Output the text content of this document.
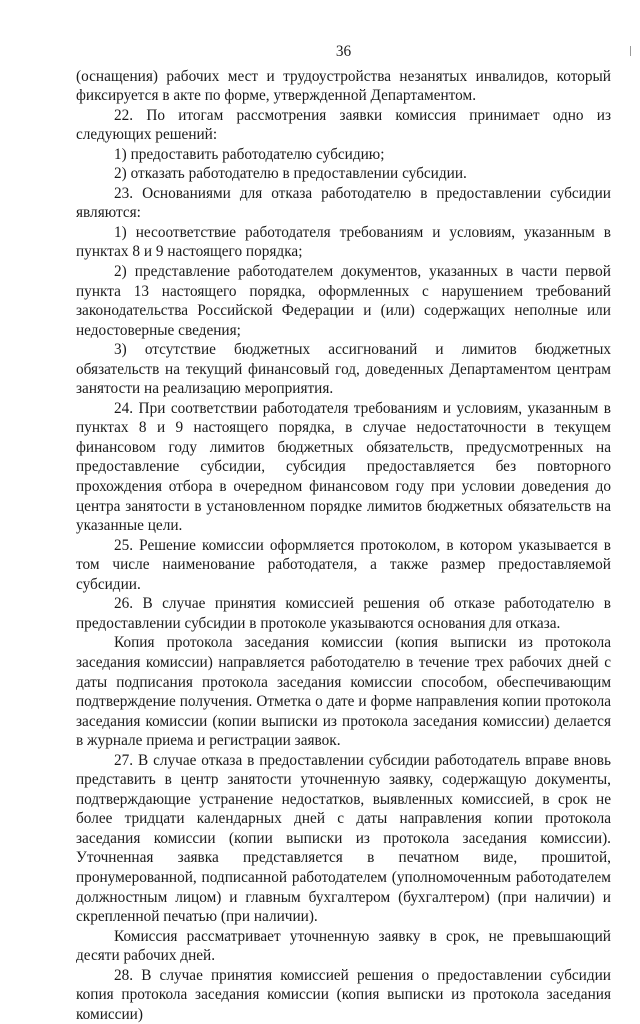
36

(оснащения) рабочих мест и трудоустройства незанятых инвалидов, который фиксируется в акте по форме, утвержденной Департаментом.

22. По итогам рассмотрения заявки комиссия принимает одно из следующих решений:

1) предоставить работодателю субсидию;

2) отказать работодателю в предоставлении субсидии.

23. Основаниями для отказа работодателю в предоставлении субсидии являются:

1) несоответствие работодателя требованиям и условиям, указанным в пунктах 8 и 9 настоящего порядка;

2) представление работодателем документов, указанных в части первой пункта 13 настоящего порядка, оформленных с нарушением требований законодательства Российской Федерации и (или) содержащих неполные или недостоверные сведения;

3) отсутствие бюджетных ассигнований и лимитов бюджетных обязательств на текущий финансовый год, доведенных Департаментом центрам занятости на реализацию мероприятия.

24. При соответствии работодателя требованиям и условиям, указанным в пунктах 8 и 9 настоящего порядка, в случае недостаточности в текущем финансовом году лимитов бюджетных обязательств, предусмотренных на предоставление субсидии, субсидия предоставляется без повторного прохождения отбора в очередном финансовом году при условии доведения до центра занятости в установленном порядке лимитов бюджетных обязательств на указанные цели.

25. Решение комиссии оформляется протоколом, в котором указывается в том числе наименование работодателя, а также размер предоставляемой субсидии.

26. В случае принятия комиссией решения об отказе работодателю в предоставлении субсидии в протоколе указываются основания для отказа.

Копия протокола заседания комиссии (копия выписки из протокола заседания комиссии) направляется работодателю в течение трех рабочих дней с даты подписания протокола заседания комиссии способом, обеспечивающим подтверждение получения. Отметка о дате и форме направления копии протокола заседания комиссии (копии выписки из протокола заседания комиссии) делается в журнале приема и регистрации заявок.

27. В случае отказа в предоставлении субсидии работодатель вправе вновь представить в центр занятости уточненную заявку, содержащую документы, подтверждающие устранение недостатков, выявленных комиссией, в срок не более тридцати календарных дней с даты направления копии протокола заседания комиссии (копии выписки из протокола заседания комиссии). Уточненная заявка представляется в печатном виде, прошитой, пронумерованной, подписанной работодателем (уполномоченным работодателем должностным лицом) и главным бухгалтером (бухгалтером) (при наличии) и скрепленной печатью (при наличии).

Комиссия рассматривает уточненную заявку в срок, не превышающий десяти рабочих дней.

28. В случае принятия комиссией решения о предоставлении субсидии копия протокола заседания комиссии (копия выписки из протокола заседания комиссии)
